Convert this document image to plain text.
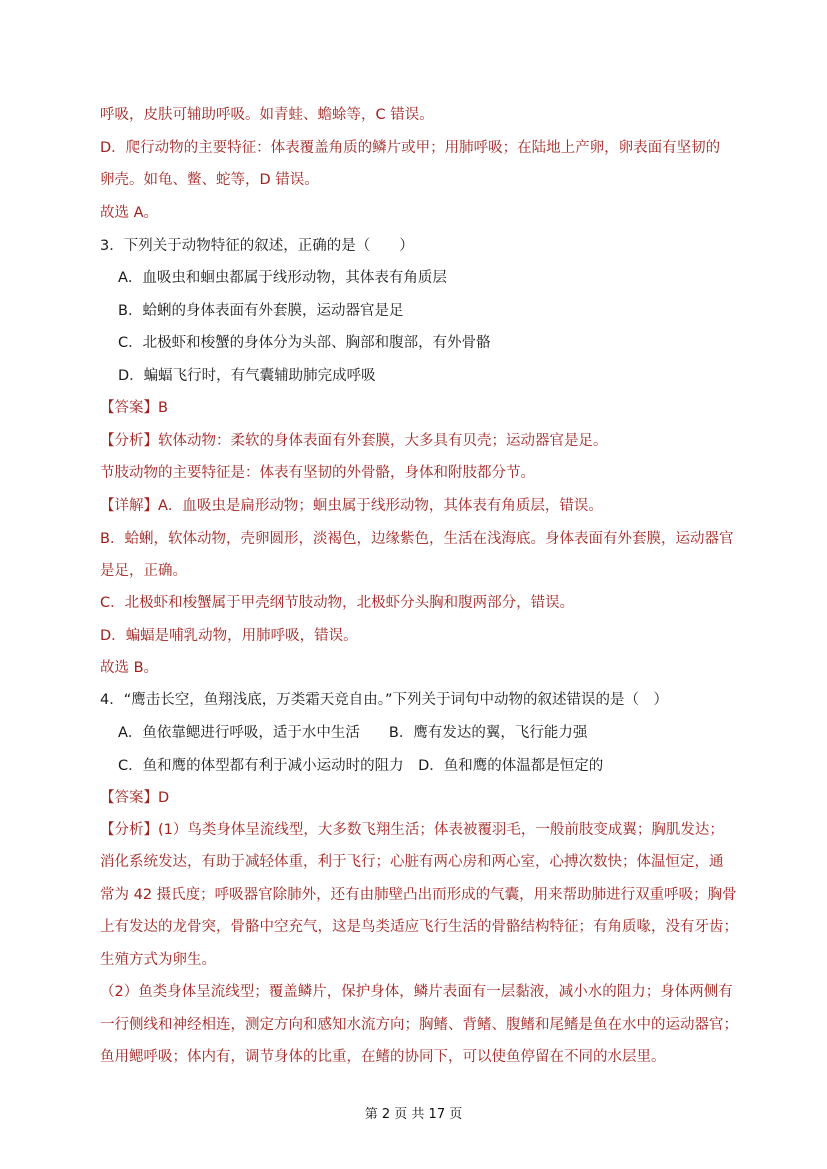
呼吸，皮肤可辅助呼吸。如青蛙、蟾蜍等，C 错误。
D．爬行动物的主要特征：体表覆盖角质的鳞片或甲；用肺呼吸；在陆地上产卵，卵表面有坚韧的
卵壳。如龟、鳖、蛇等，D 错误。
故选 A。
3．下列关于动物特征的叙述，正确的是（　　）
A．血吸虫和蛔虫都属于线形动物，其体表有角质层
B．蛤蜊的身体表面有外套膜，运动器官是足
C．北极虾和梭蟹的身体分为头部、胸部和腹部，有外骨骼
D．蝙蝠飞行时，有气囊辅助肺完成呼吸
【答案】B
【分析】软体动物：柔软的身体表面有外套膜，大多具有贝壳；运动器官是足。
节肢动物的主要特征是：体表有坚韧的外骨骼，身体和附肢都分节。
【详解】A．血吸虫是扁形动物；蛔虫属于线形动物，其体表有角质层，错误。
B．蛤蜊，软体动物，壳卵圆形，淡褐色，边缘紫色，生活在浅海底。身体表面有外套膜，运动器官
是足，正确。
C．北极虾和梭蟹属于甲壳纲节肢动物，北极虾分头胸和腹两部分，错误。
D．蝙蝠是哺乳动物，用肺呼吸，错误。
故选 B。
4．“鹰击长空，鱼翔浅底，万类霜天竞自由。”下列关于词句中动物的叙述错误的是（　）
A．鱼依靠鳃进行呼吸，适于水中生活　　B．鹰有发达的翼，飞行能力强
C．鱼和鹰的体型都有利于减小运动时的阻力　D．鱼和鹰的体温都是恒定的
【答案】D
【分析】(1）鸟类身体呈流线型，大多数飞翔生活；体表被覆羽毛，一般前肢变成翼；胸肌发达；
消化系统发达，有助于减轻体重，利于飞行；心脏有两心房和两心室，心搏次数快；体温恒定，通
常为 42 摄氏度；呼吸器官除肺外，还有由肺壁凸出而形成的气囊，用来帮助肺进行双重呼吸；胸骨
上有发达的龙骨突，骨骼中空充气，这是鸟类适应飞行生活的骨骼结构特征；有角质喙，没有牙齿；
生殖方式为卵生。
（2）鱼类身体呈流线型；覆盖鳞片，保护身体，鳞片表面有一层黏液，减小水的阻力；身体两侧有
一行侧线和神经相连，测定方向和感知水流方向；胸鳍、背鳍、腹鳍和尾鳍是鱼在水中的运动器官；
鱼用鳃呼吸；体内有，调节身体的比重，在鳍的协同下，可以使鱼停留在不同的水层里。
第 2 页 共 17 页
